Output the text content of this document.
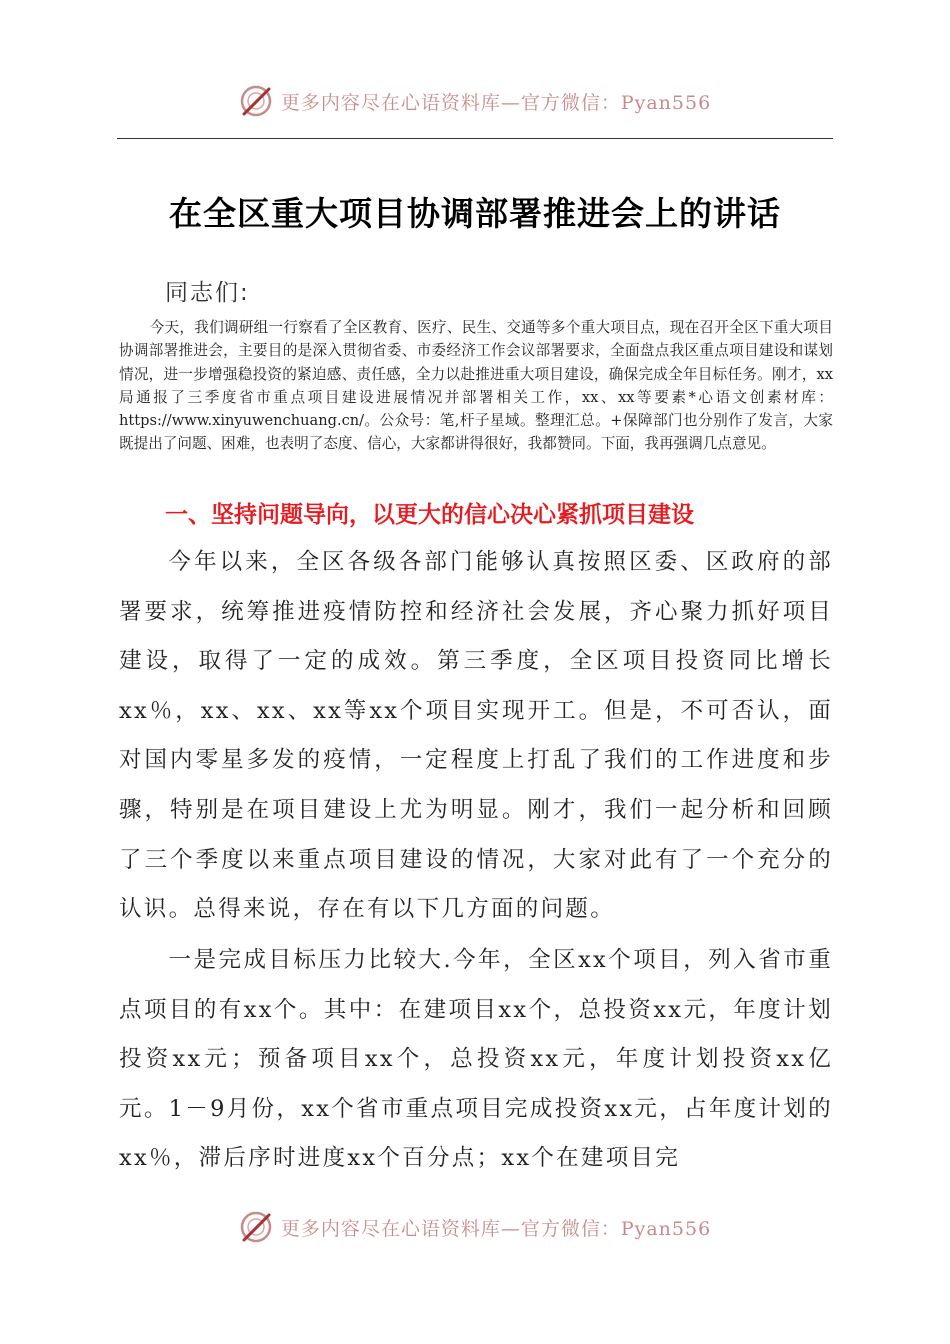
更多内容尽在心语资料库—官方微信：Pyan556
在全区重大项目协调部署推进会上的讲话
同志们:

今天，我们调研组一行察看了全区教育、医疗、民生、交通等多个重大项目点，现在召开全区下重大项目协调部署推进会，主要目的是深入贯彻省委、市委经济工作会议部署要求，全面盘点我区重点项目建设和谋划情况，进一步增强稳投资的紧迫感、责任感，全力以赴推进重大项目建设，确保完成全年目标任务。刚才，xx局通报了三季度省市重点项目建设进展情况并部署相关工作，xx、xx等要素*心语文创素材库：https://www.xinyuwenchuang.cn/。公众号：笔,杆子星域。整理汇总。+保障部门也分别作了发言，大家既提出了问题、困难，也表明了态度、信心，大家都讲得很好，我都赞同。下面，我再强调几点意见。

一、坚持问题导向，以更大的信心决心紧抓项目建设

今年以来，全区各级各部门能够认真按照区委、区政府的部署要求，统筹推进疫情防控和经济社会发展，齐心聚力抓好项目建设，取得了一定的成效。第三季度，全区项目投资同比增长xx％，xx、xx、xx等xx个项目实现开工。但是，不可否认，面对国内零星多发的疫情，一定程度上打乱了我们的工作进度和步骤，特别是在项目建设上尤为明显。刚才，我们一起分析和回顾了三个季度以来重点项目建设的情况，大家对此有了一个充分的认识。总得来说，存在有以下几方面的问题。

一是完成目标压力比较大.今年，全区xx个项目，列入省市重点项目的有xx个。其中：在建项目xx个，总投资xx元，年度计划投资xx元；预备项目xx个，总投资xx元，年度计划投资xx亿元。1－9月份，xx个省市重点项目完成投资xx元，占年度计划的xx％，滞后序时进度xx个百分点；xx个在建项目完

更多内容尽在心语资料库—官方微信：Pyan556
